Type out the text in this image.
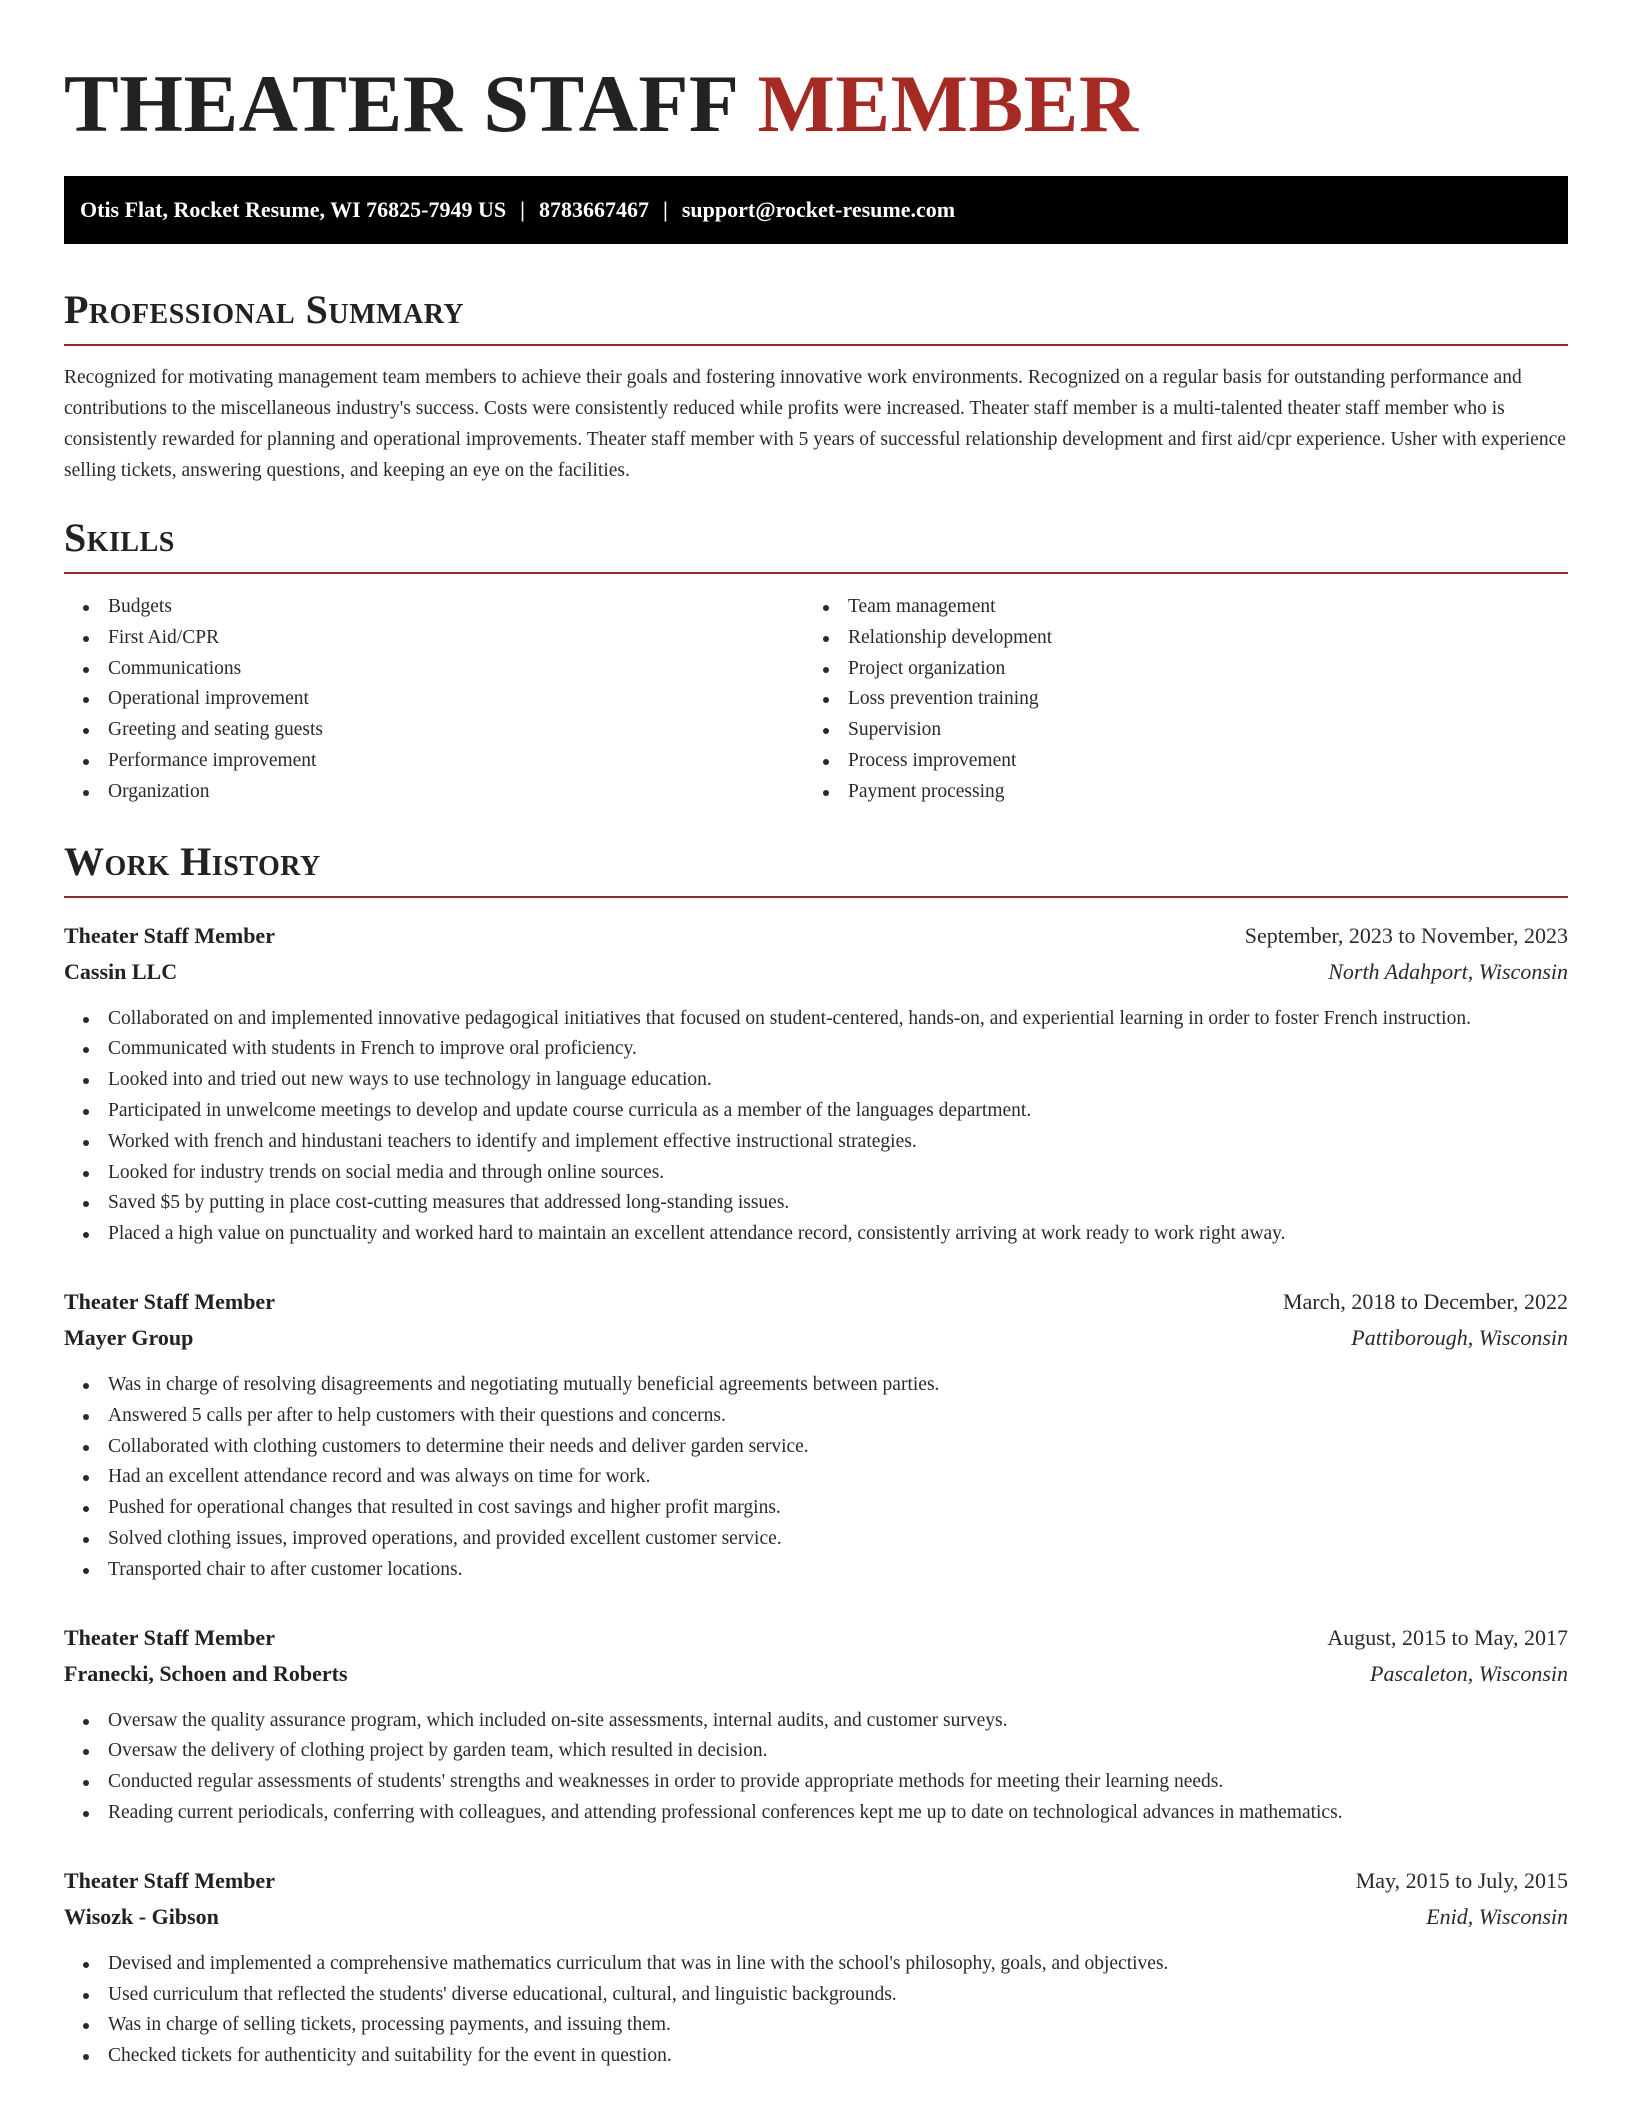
THEATER STAFF MEMBER
Otis Flat, Rocket Resume, WI 76825-7949 US | 8783667467 | support@rocket-resume.com
Professional Summary

Recognized for motivating management team members to achieve their goals and fostering innovative work environments. Recognized on a regular basis for outstanding performance and contributions to the miscellaneous industry's success. Costs were consistently reduced while profits were increased. Theater staff member is a multi-talented theater staff member who is consistently rewarded for planning and operational improvements. Theater staff member with 5 years of successful relationship development and first aid/cpr experience. Usher with experience selling tickets, answering questions, and keeping an eye on the facilities.

Skills
Budgets
First Aid/CPR
Communications
Operational improvement
Greeting and seating guests
Performance improvement
Organization
Team management
Relationship development
Project organization
Loss prevention training
Supervision
Process improvement
Payment processing
Work History
Theater Staff Member	September, 2023 to November, 2023
Cassin LLC	North Adahport, Wisconsin
Collaborated on and implemented innovative pedagogical initiatives that focused on student-centered, hands-on, and experiential learning in order to foster French instruction.
Communicated with students in French to improve oral proficiency.
Looked into and tried out new ways to use technology in language education.
Participated in unwelcome meetings to develop and update course curricula as a member of the languages department.
Worked with french and hindustani teachers to identify and implement effective instructional strategies.
Looked for industry trends on social media and through online sources.
Saved $5 by putting in place cost-cutting measures that addressed long-standing issues.
Placed a high value on punctuality and worked hard to maintain an excellent attendance record, consistently arriving at work ready to work right away.
Theater Staff Member	March, 2018 to December, 2022
Mayer Group	Pattiborough, Wisconsin
Was in charge of resolving disagreements and negotiating mutually beneficial agreements between parties.
Answered 5 calls per after to help customers with their questions and concerns.
Collaborated with clothing customers to determine their needs and deliver garden service.
Had an excellent attendance record and was always on time for work.
Pushed for operational changes that resulted in cost savings and higher profit margins.
Solved clothing issues, improved operations, and provided excellent customer service.
Transported chair to after customer locations.
Theater Staff Member	August, 2015 to May, 2017
Franecki, Schoen and Roberts	Pascaleton, Wisconsin
Oversaw the quality assurance program, which included on-site assessments, internal audits, and customer surveys.
Oversaw the delivery of clothing project by garden team, which resulted in decision.
Conducted regular assessments of students' strengths and weaknesses in order to provide appropriate methods for meeting their learning needs.
Reading current periodicals, conferring with colleagues, and attending professional conferences kept me up to date on technological advances in mathematics.
Theater Staff Member	May, 2015 to July, 2015
Wisozk - Gibson	Enid, Wisconsin
Devised and implemented a comprehensive mathematics curriculum that was in line with the school's philosophy, goals, and objectives.
Used curriculum that reflected the students' diverse educational, cultural, and linguistic backgrounds.
Was in charge of selling tickets, processing payments, and issuing them.
Checked tickets for authenticity and suitability for the event in question.
